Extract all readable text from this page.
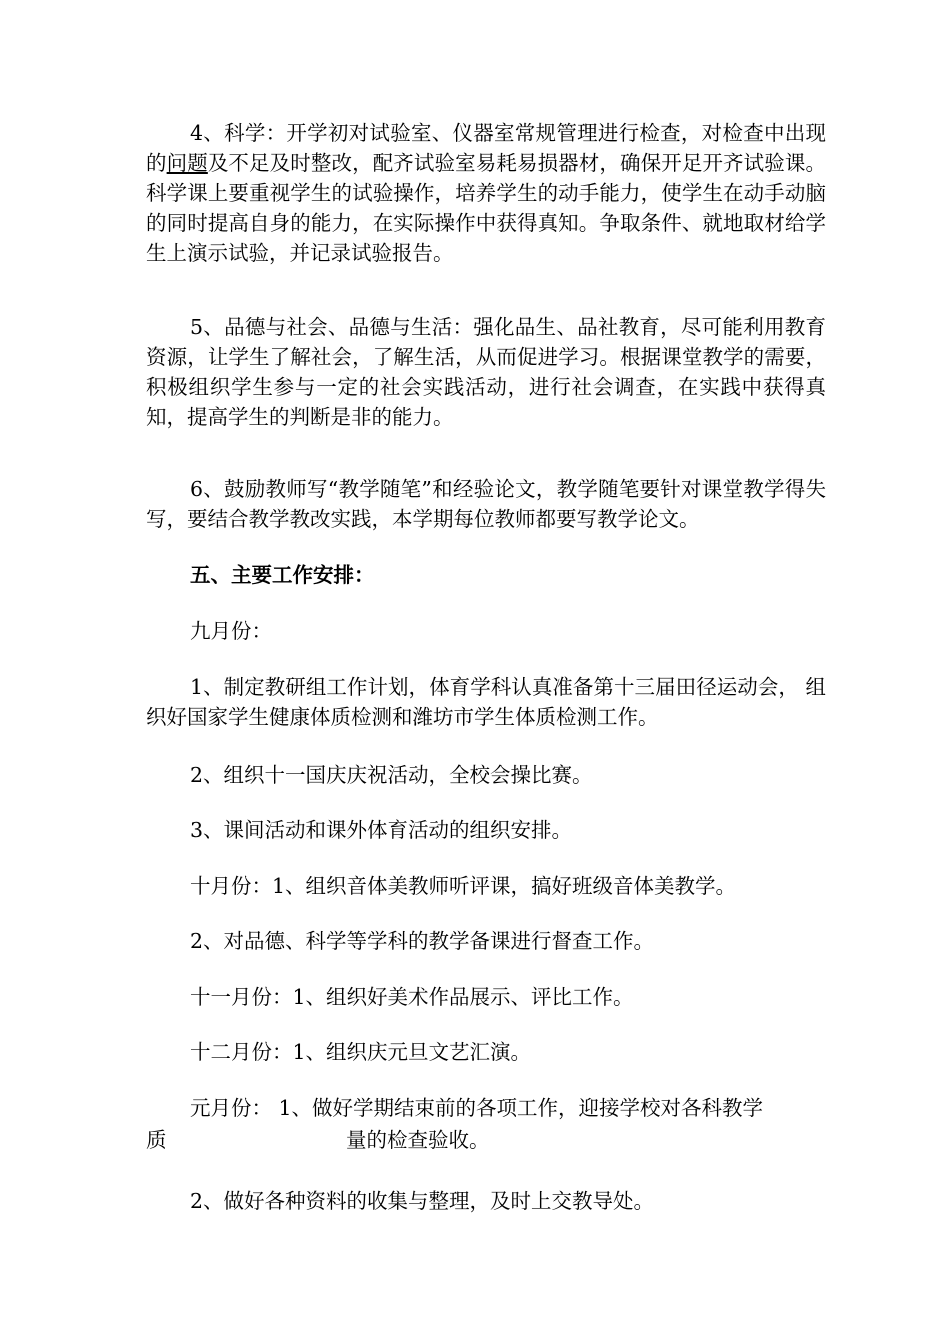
4、科学：开学初对试验室、仪器室常规管理进行检查，对检查中出现的问题及不足及时整改，配齐试验室易耗易损器材，确保开足开齐试验课。科学课上要重视学生的试验操作，培养学生的动手能力，使学生在动手动脑的同时提高自身的能力，在实际操作中获得真知。争取条件、就地取材给学生上演示试验，并记录试验报告。

5、品德与社会、品德与生活：强化品生、品社教育，尽可能利用教育资源，让学生了解社会，了解生活，从而促进学习。根据课堂教学的需要，积极组织学生参与一定的社会实践活动，进行社会调查，在实践中获得真知，提高学生的判断是非的能力。

6、鼓励教师写“教学随笔”和经验论文，教学随笔要针对课堂教学得失写，要结合教学教改实践，本学期每位教师都要写教学论文。

五、主要工作安排：

九月份：

1、制定教研组工作计划，体育学科认真准备第十三届田径运动会， 组织好国家学生健康体质检测和潍坊市学生体质检测工作。

2、组织十一国庆庆祝活动，全校会操比赛。

3、课间活动和课外体育活动的组织安排。

十月份：1、组织音体美教师听评课，搞好班级音体美教学。

2、对品德、科学等学科的教学备课进行督查工作。

十一月份：1、组织好美术作品展示、评比工作。

十二月份：1、组织庆元旦文艺汇演。

元月份： 1、做好学期结束前的各项工作，迎接学校对各科教学

质	量的检查验收。

2、做好各种资料的收集与整理，及时上交教导处。
